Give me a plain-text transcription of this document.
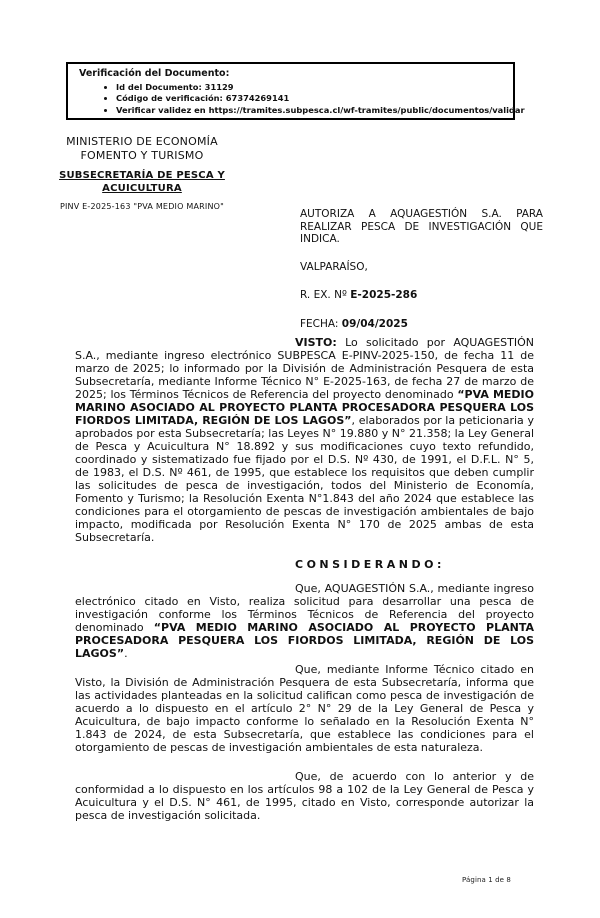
Verificación del Documento:
• Id del Documento: 31129
• Código de verificación: 67374269141
• Verificar validez en https://tramites.subpesca.cl/wf-tramites/public/documentos/validar
MINISTERIO DE ECONOMÍA
FOMENTO Y TURISMO
SUBSECRETARÍA DE PESCA Y
ACUICULTURA
PINV E-2025-163 "PVA MEDIO MARINO"

AUTORIZA A AQUAGESTIÓN S.A. PARA REALIZAR PESCA DE INVESTIGACIÓN QUE INDICA.

VALPARAÍSO,

R. EX. Nº E-2025-286

FECHA: 09/04/2025

VISTO: Lo solicitado por AQUAGESTIÓN S.A., mediante ingreso electrónico SUBPESCA E-PINV-2025-150, de fecha 11 de marzo de 2025; lo informado por la División de Administración Pesquera de esta Subsecretaría, mediante Informe Técnico N° E-2025-163, de fecha 27 de marzo de 2025; los Términos Técnicos de Referencia del proyecto denominado “PVA MEDIO MARINO ASOCIADO AL PROYECTO PLANTA PROCESADORA PESQUERA LOS FIORDOS LIMITADA, REGIÓN DE LOS LAGOS”, elaborados por la peticionaria y aprobados por esta Subsecretaría; las Leyes N° 19.880 y N° 21.358; la Ley General de Pesca y Acuicultura N° 18.892 y sus modificaciones cuyo texto refundido, coordinado y sistematizado fue fijado por el D.S. Nº 430, de 1991, el D.F.L. N° 5, de 1983, el D.S. Nº 461, de 1995, que establece los requisitos que deben cumplir las solicitudes de pesca de investigación, todos del Ministerio de Economía, Fomento y Turismo; la Resolución Exenta N°1.843 del año 2024 que establece las condiciones para el otorgamiento de pescas de investigación ambientales de bajo impacto, modificada por Resolución Exenta N° 170 de 2025 ambas de esta Subsecretaría.

CONSIDERANDO:

Que, AQUAGESTIÓN S.A., mediante ingreso electrónico citado en Visto, realiza solicitud para desarrollar una pesca de investigación conforme los Términos Técnicos de Referencia del proyecto denominado “PVA MEDIO MARINO ASOCIADO AL PROYECTO PLANTA PROCESADORA PESQUERA LOS FIORDOS LIMITADA, REGIÓN DE LOS LAGOS”.

Que, mediante Informe Técnico citado en Visto, la División de Administración Pesquera de esta Subsecretaría, informa que las actividades planteadas en la solicitud califican como pesca de investigación de acuerdo a lo dispuesto en el artículo 2° N° 29 de la Ley General de Pesca y Acuicultura, de bajo impacto conforme lo señalado en la Resolución Exenta N° 1.843 de 2024, de esta Subsecretaría, que establece las condiciones para el otorgamiento de pescas de investigación ambientales de esta naturaleza.

Que, de acuerdo con lo anterior y de conformidad a lo dispuesto en los artículos 98 a 102 de la Ley General de Pesca y Acuicultura y el D.S. N° 461, de 1995, citado en Visto, corresponde autorizar la pesca de investigación solicitada.

Página 1 de 8
